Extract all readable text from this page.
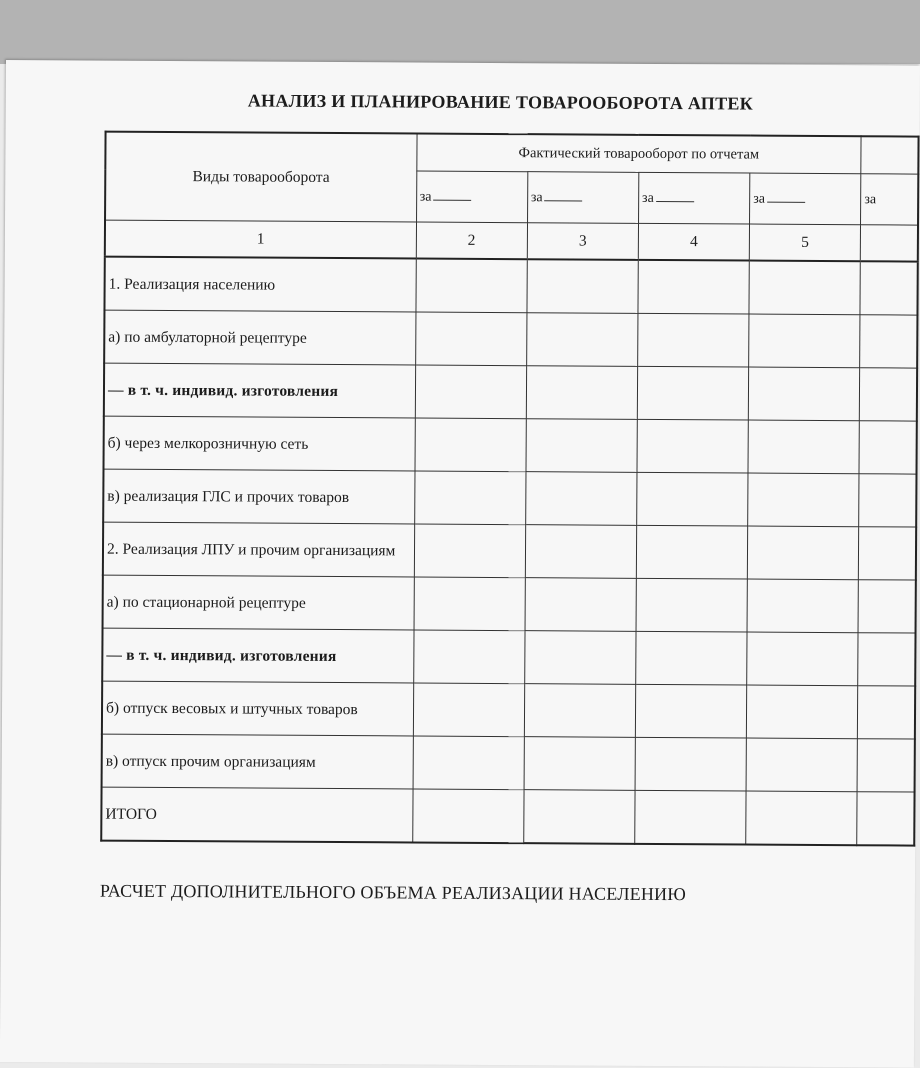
АНАЛИЗ И ПЛАНИРОВАНИЕ ТОВАРООБОРОТА АПТЕК
Виды товарооборота	Фактический товарооборот по отчетам				
	за	за	за	за	за
1	2	3	4	5	
1. Реализация населению					
а) по амбулаторной рецептуре					
— в т. ч. индивид. изготовления					
б) через мелкорозничную сеть					
в) реализация ГЛС и прочих товаров					
2. Реализация ЛПУ и прочим организациям					
а) по стационарной рецептуре					
— в т. ч. индивид. изготовления					
б) отпуск весовых и штучных товаров					
в) отпуск прочим организациям					
ИТОГО					
РАСЧЕТ ДОПОЛНИТЕЛЬНОГО ОБЪЕМА РЕАЛИЗАЦИИ НАСЕЛЕНИЮ
